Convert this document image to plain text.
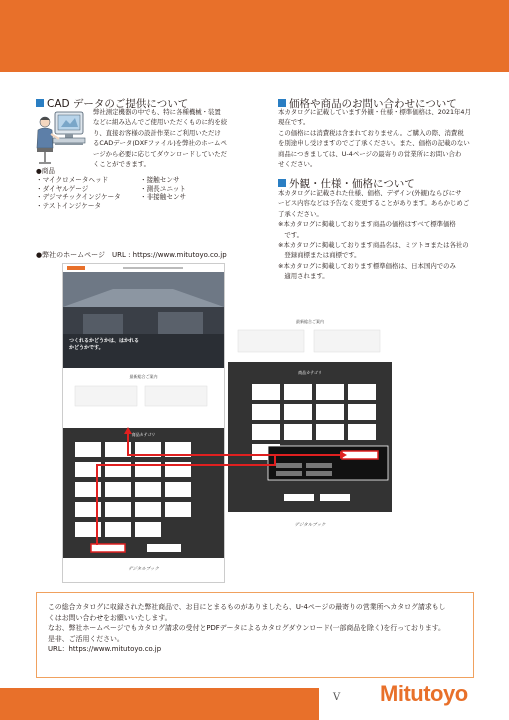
CAD データのご提供について

弊社測定機器の中でも、特に各種機械・装置

などに組み込んでご使用いただくものに約を絞

り、直接お客様の設計作業にご利用いただけ

るCADデータ(DXFファイル)を弊社のホームペ

ージから必要に応じてダウンロードしていただ

くことができます。

●商品
・マイクロメータヘッド
・ダイヤルゲージ
・デジマチックインジケータ
・テストインジケータ
・接触センサ
・測長ユニット
・非接触センサ
●弊社のホームページ　URL : https://www.mitutoyo.co.jp
価格や商品のお問い合わせについて

本カタログに記載しています外観・仕様・標準価格は、2021年4月

現在です。

この価格には消費税は含まれておりません。ご購入の際、消費税

を別途申し受けますのでご了承ください。また、価格の記載のない

商品につきましては、U-4ページの最寄りの営業所にお問い合わ

せください。

外観・仕様・価格について

本カタログに記載された仕様、価格、デザイン(外観)ならびにサ

ービス内容などは予告なく変更することがあります。あらかじめご

了承ください。

※本カタログに掲載しております商品の価格はすべて標準価格

　です。

※本カタログに掲載しております商品名は、ミツトヨまたは各社の

　登録商標または商標です。

※本カタログに掲載しております標準価格は、日本国内でのみ

　適用されます。

つくれるかどうかは、はかれるかどうかです。
最新総合ご案内
商品カテゴリ
デジタルブック
最新総合ご案内
商品カテゴリ
デジタルブック

この総合カタログに収録された弊社商品で、お目にとまるものがありましたら、U-4ページの最寄りの営業所へカタログ請求もし

くはお問い合わせをお願いいたします。

なお、弊社ホームページでもカタログ請求の受付とPDFデータによるカタログダウンロード(一部商品を除く)を行っております。

是非、ご活用ください。

URL：https://www.mitutoyo.co.jp

V Mitutoyo
